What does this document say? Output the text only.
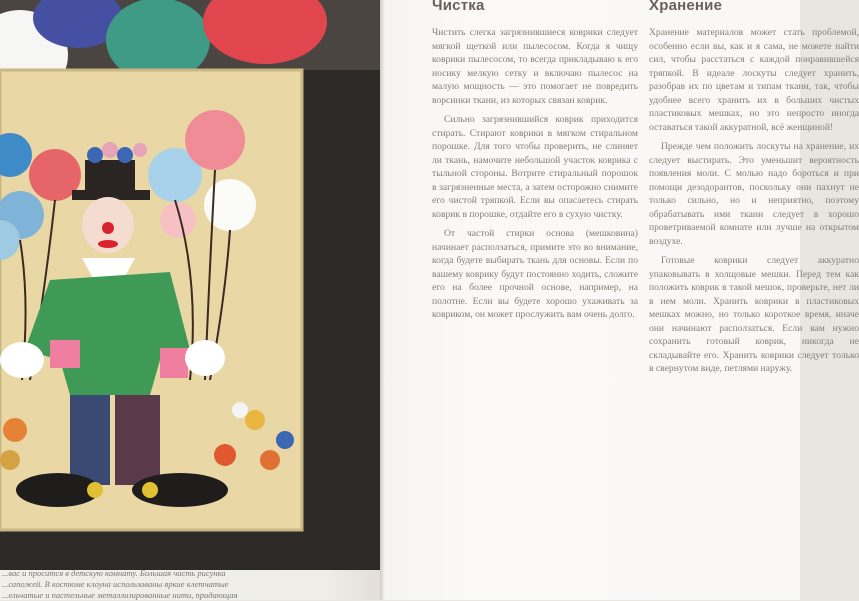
...вас и просится в детскую комнату. Большая часть рисунка
...сапожей. В костюме клоуна использованы яркие клетчатые
...ельчатые и пастельные металлизированные нити, придающая
Чистка

Чистить слегка загрязнившиеся коврики следует мягкой щеткой или пылесосом. Когда я чищу коврики пылесосом, то всегда прикладываю к его носику мелкую сетку и включаю пылесос на малую мощность — это помогает не повредить ворсинки ткани, из которых связан коврик.

Сильно загрязнившийся коврик приходится стирать. Стирают коврики в мягком стиральном порошке. Для того чтобы проверить, не слиняет ли ткань, намочите небольшой участок коврика с тыльной стороны. Вотрите стиральный порошок в загрязненные места, а затем осторожно снимите его чистой тряпкой. Если вы опасаетесь стирать коврик в порошке, отдайте его в сухую чистку.

От частой стирки основа (мешковина) начинает расползаться, примите это во внимание, когда будете выбирать ткань для основы. Если по вашему коврику будут постоянно ходить, сложите его на более прочной основе, например, на полотне. Если вы будете хорошо ухаживать за ковриком, он может прослужить вам очень долго.

Хранение

Хранение материалов может стать проблемой, особенно если вы, как и я сама, не можете найти сил, чтобы расстаться с каждой понравившейся тряпкой. В идеале лоскуты следует хранить, разобрав их по цветам и типам ткани, так, чтобы удобнее всего хранить их в больших чистых пластиковых мешках, но это непросто иногда оставаться такой аккуратной, всё женщиной!

Прежде чем положить лоскуты на хранение, их следует выстирать. Это уменьшит вероятность появления моли. С молью надо бороться и при помощи дезодорантов, поскольку они пахнут не только сильно, но и неприятно, поэтому обрабатывать ими ткани следует в хорошо проветриваемой комнате или лучше на открытом воздухе.

Готовые коврики следует аккуратно упаковывать в холщовые мешки. Перед тем как положить коврик в такой мешок, проверьте, нет ли в нем моли. Хранить коврики в пластиковых мешках можно, но только короткое время, иначе они начинают расползаться. Если вам нужно сохранить готовый коврик, никогда не складывайте его. Хранить коврики следует только в свернутом виде, петлями наружу.
